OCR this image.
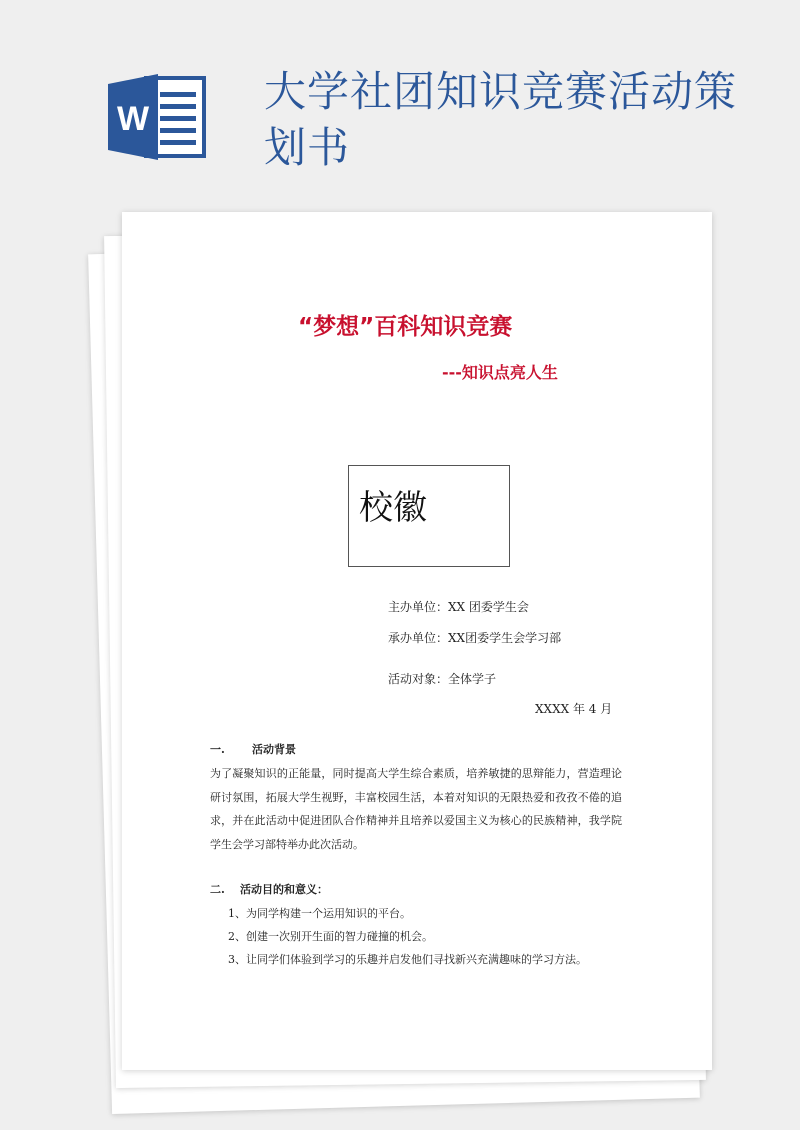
W
大学社团知识竞赛活动策划书
“梦想”百科知识竞赛
---知识点亮人生
校徽
主办单位：XX 团委学生会
承办单位：XX团委学生会学习部
活动对象：全体学子
XXXX 年 4 月
一. 活动背景

为了凝聚知识的正能量，同时提高大学生综合素质，培养敏捷的思辩能力，营造理论研讨氛围，拓展大学生视野，丰富校园生活，本着对知识的无限热爱和孜孜不倦的追求，并在此活动中促进团队合作精神并且培养以爱国主义为核心的民族精神，我学院学生会学习部特举办此次活动。

二. 活动目的和意义：
1、为同学构建一个运用知识的平台。
2、创建一次别开生面的智力碰撞的机会。
3、让同学们体验到学习的乐趣并启发他们寻找新兴充满趣味的学习方法。
